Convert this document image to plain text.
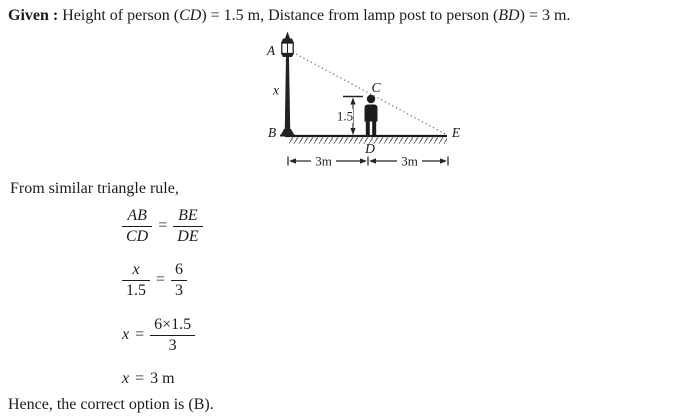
Given : Height of person (CD) = 1.5 m, Distance from lamp post to person (BD) = 3 m.
1.5
3m	3m
A
x
B
C
D
E
From similar triangle rule,
$\frac{AB}{CD} = \frac{BE}{DE}$
$\frac{x}{1.5} = \frac{6}{3}$
$x = \frac{6\times 1.5}{3}$
x = 3 m
Hence, the correct option is (B).
